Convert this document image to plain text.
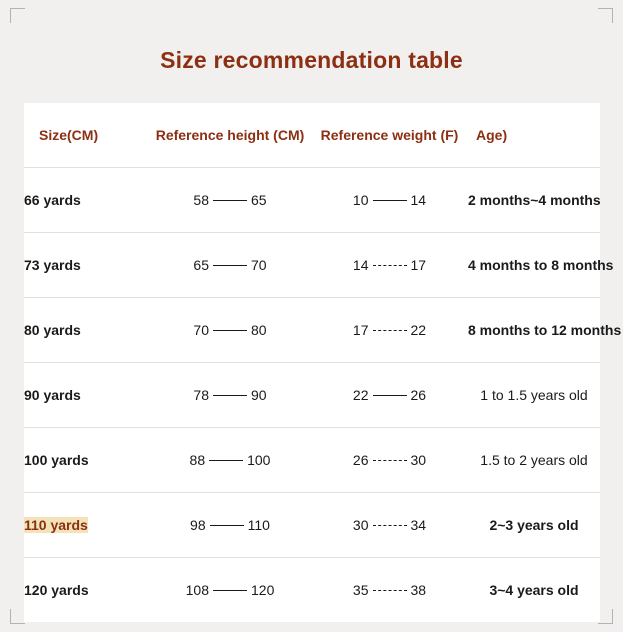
Size recommendation table
Size(CM)	Reference height (CM)	Reference weight (F)	Age)
66 yards	58 65	10 14	2 months~4 months
73 yards	65 70	14 17	4 months to 8 months
80 yards	70 80	17 22	8 months to 12 months
90 yards	78 90	22 26	1 to 1.5 years old
100 yards	88 100	26 30	1.5 to 2 years old
110 yards	98 110	30 34	2~3 years old
120 yards	108 120	35 38	3~4 years old
